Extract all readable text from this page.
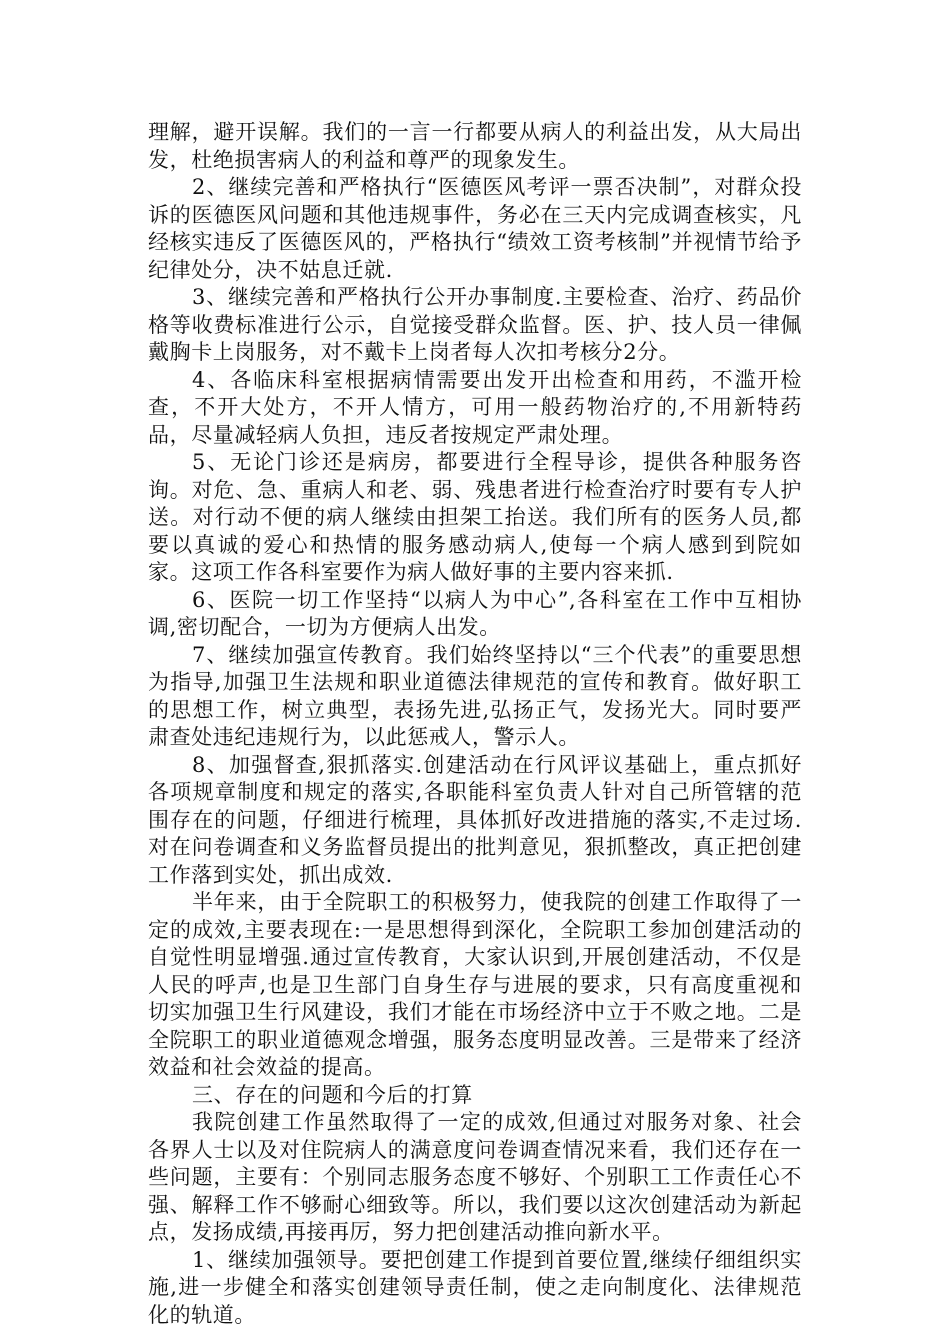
理解，避开误解。我们的一言一行都要从病人的利益出发，从大局出发，杜绝损害病人的利益和尊严的现象发生。

2、继续完善和严格执行“医德医风考评一票否决制”，对群众投诉的医德医风问题和其他违规事件，务必在三天内完成调查核实，凡经核实违反了医德医风的，严格执行“绩效工资考核制”并视情节给予纪律处分，决不姑息迁就.

3、继续完善和严格执行公开办事制度.主要检查、治疗、药品价格等收费标准进行公示，自觉接受群众监督。医、护、技人员一律佩戴胸卡上岗服务，对不戴卡上岗者每人次扣考核分2分。

4、各临床科室根据病情需要出发开出检查和用药，不滥开检查，不开大处方，不开人情方，可用一般药物治疗的,不用新特药品，尽量减轻病人负担，违反者按规定严肃处理。

5、无论门诊还是病房，都要进行全程导诊，提供各种服务咨询。对危、急、重病人和老、弱、残患者进行检查治疗时要有专人护送。对行动不便的病人继续由担架工抬送。我们所有的医务人员,都要以真诚的爱心和热情的服务感动病人,使每一个病人感到到院如家。这项工作各科室要作为病人做好事的主要内容来抓.

6、医院一切工作坚持“以病人为中心”,各科室在工作中互相协调,密切配合，一切为方便病人出发。

7、继续加强宣传教育。我们始终坚持以“三个代表”的重要思想为指导,加强卫生法规和职业道德法律规范的宣传和教育。做好职工的思想工作，树立典型，表扬先进,弘扬正气，发扬光大。同时要严肃查处违纪违规行为，以此惩戒人，警示人。

8、加强督查,狠抓落实.创建活动在行风评议基础上，重点抓好各项规章制度和规定的落实,各职能科室负责人针对自己所管辖的范围存在的问题，仔细进行梳理，具体抓好改进措施的落实,不走过场.对在问卷调查和义务监督员提出的批判意见，狠抓整改，真正把创建工作落到实处，抓出成效.

半年来，由于全院职工的积极努力，使我院的创建工作取得了一定的成效,主要表现在:一是思想得到深化，全院职工参加创建活动的自觉性明显增强.通过宣传教育，大家认识到,开展创建活动，不仅是人民的呼声,也是卫生部门自身生存与进展的要求，只有高度重视和切实加强卫生行风建设，我们才能在市场经济中立于不败之地。二是全院职工的职业道德观念增强，服务态度明显改善。三是带来了经济效益和社会效益的提高。

三、存在的问题和今后的打算

我院创建工作虽然取得了一定的成效,但通过对服务对象、社会各界人士以及对住院病人的满意度问卷调查情况来看，我们还存在一些问题，主要有：个别同志服务态度不够好、个别职工工作责任心不强、解释工作不够耐心细致等。所以，我们要以这次创建活动为新起点，发扬成绩,再接再厉，努力把创建活动推向新水平。

1、继续加强领导。要把创建工作提到首要位置,继续仔细组织实施,进一步健全和落实创建领导责任制，使之走向制度化、法律规范化的轨道。
